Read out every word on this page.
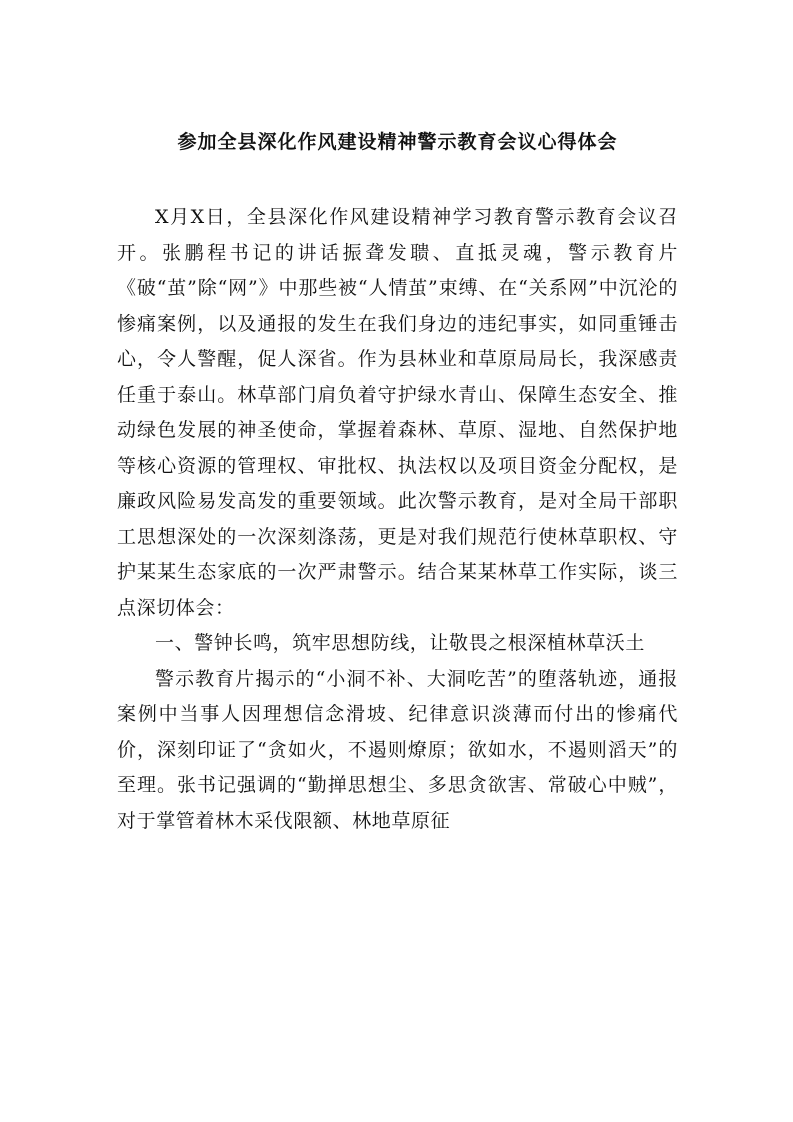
参加全县深化作风建设精神警示教育会议心得体会

X月X日，全县深化作风建设精神学习教育警示教育会议召开。张鹏程书记的讲话振聋发聩、直抵灵魂，警示教育片《破“茧”除“网”》中那些被“人情茧”束缚、在“关系网”中沉沦的惨痛案例，以及通报的发生在我们身边的违纪事实，如同重锤击心，令人警醒，促人深省。作为县林业和草原局局长，我深感责任重于泰山。林草部门肩负着守护绿水青山、保障生态安全、推动绿色发展的神圣使命，掌握着森林、草原、湿地、自然保护地等核心资源的管理权、审批权、执法权以及项目资金分配权，是廉政风险易发高发的重要领域。此次警示教育，是对全局干部职工思想深处的一次深刻涤荡，更是对我们规范行使林草职权、守护某某生态家底的一次严肃警示。结合某某林草工作实际，谈三点深切体会：

一、警钟长鸣，筑牢思想防线，让敬畏之根深植林草沃土

警示教育片揭示的“小洞不补、大洞吃苦”的堕落轨迹，通报案例中当事人因理想信念滑坡、纪律意识淡薄而付出的惨痛代价，深刻印证了“贪如火，不遏则燎原；欲如水，不遏则滔天”的至理。张书记强调的“勤掸思想尘、多思贪欲害、常破心中贼”，对于掌管着林木采伐限额、林地草原征
